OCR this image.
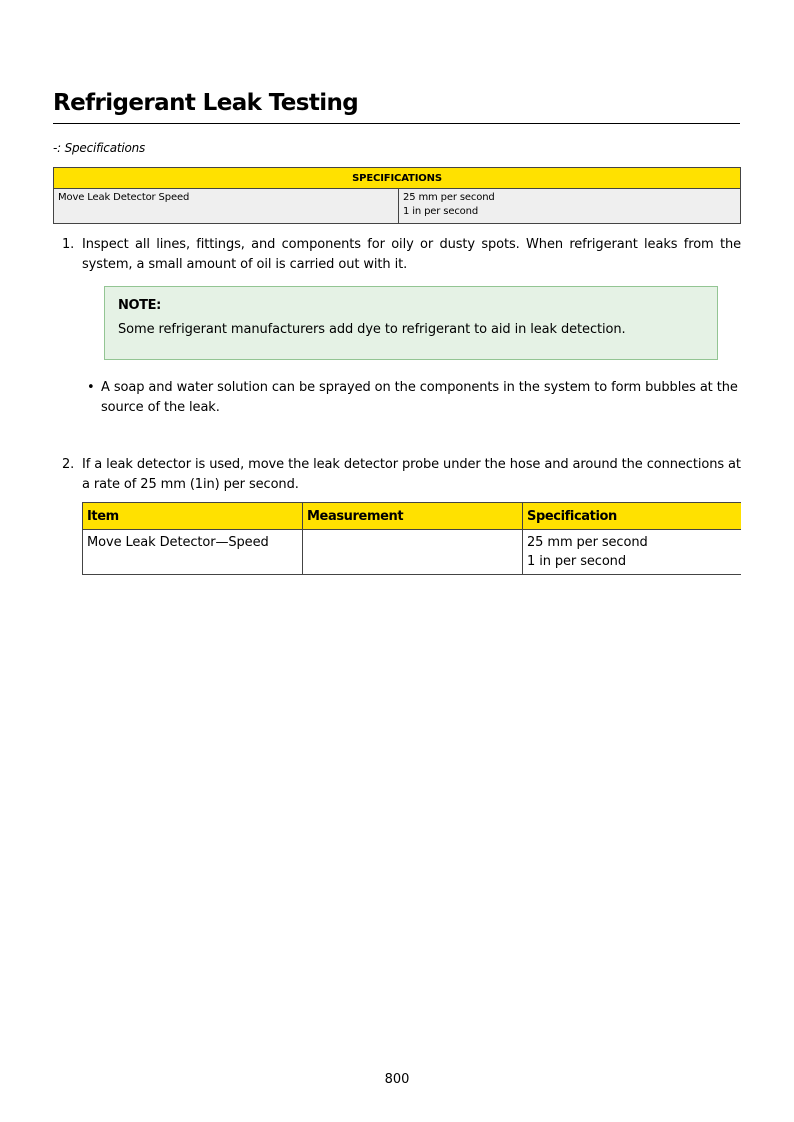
Refrigerant Leak Testing
-: Specifications
SPECIFICATIONS
Move Leak Detector Speed	25 mm per second
1 in per second
1. Inspect all lines, fittings, and components for oily or dusty spots. When refrigerant leaks from the system, a small amount of oil is carried out with it.
NOTE:
Some refrigerant manufacturers add dye to refrigerant to aid in leak detection.
• A soap and water solution can be sprayed on the components in the system to form bubbles at the source of the leak.
2. If a leak detector is used, move the leak detector probe under the hose and around the connections at a rate of 25 mm (1in) per second.
Item	Measurement	Specification
Move Leak Detector—Speed		25 mm per second
1 in per second
800
